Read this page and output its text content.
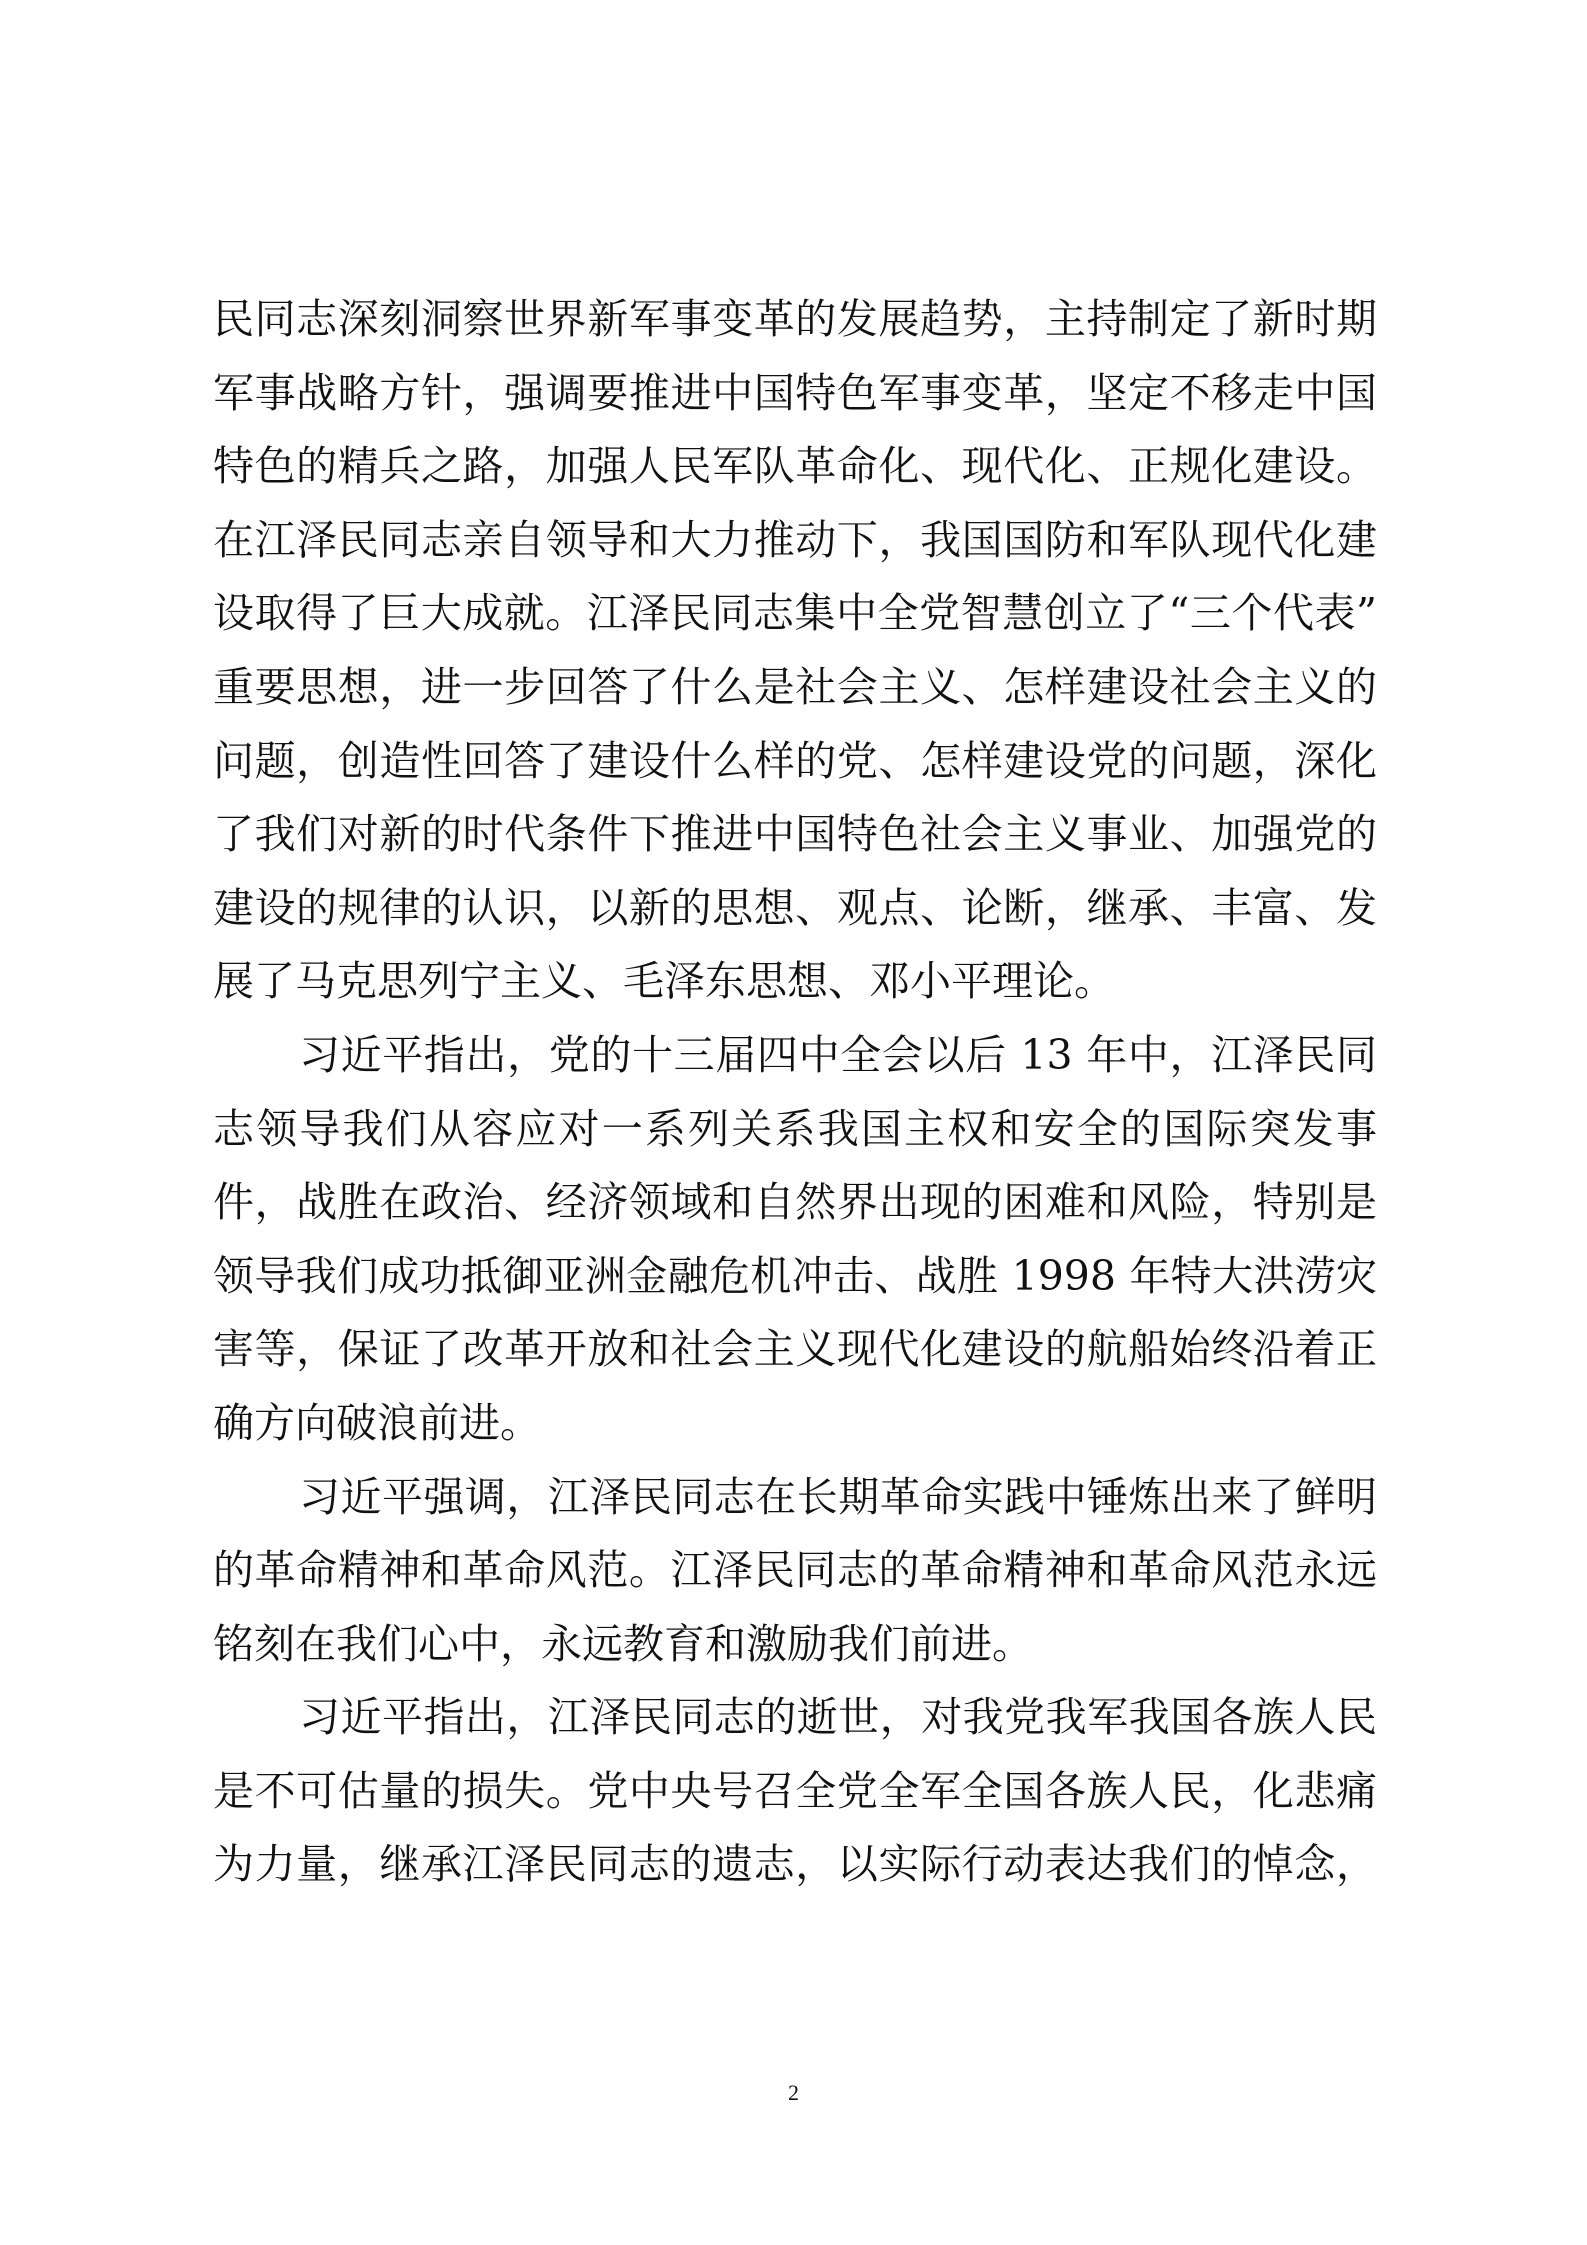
民同志深刻洞察世界新军事变革的发展趋势，主持制定了新时期
军事战略方针，强调要推进中国特色军事变革，坚定不移走中国
特色的精兵之路，加强人民军队革命化、现代化、正规化建设。
在江泽民同志亲自领导和大力推动下，我国国防和军队现代化建
设取得了巨大成就。江泽民同志集中全党智慧创立了“三个代表”
重要思想，进一步回答了什么是社会主义、怎样建设社会主义的
问题，创造性回答了建设什么样的党、怎样建设党的问题，深化
了我们对新的时代条件下推进中国特色社会主义事业、加强党的
建设的规律的认识，以新的思想、观点、论断，继承、丰富、发
展了马克思列宁主义、毛泽东思想、邓小平理论。
习近平指出，党的十三届四中全会以后 13 年中，江泽民同
志领导我们从容应对一系列关系我国主权和安全的国际突发事
件，战胜在政治、经济领域和自然界出现的困难和风险，特别是
领导我们成功抵御亚洲金融危机冲击、战胜 1998 年特大洪涝灾
害等，保证了改革开放和社会主义现代化建设的航船始终沿着正
确方向破浪前进。
习近平强调，江泽民同志在长期革命实践中锤炼出来了鲜明
的革命精神和革命风范。江泽民同志的革命精神和革命风范永远
铭刻在我们心中，永远教育和激励我们前进。
习近平指出，江泽民同志的逝世，对我党我军我国各族人民
是不可估量的损失。党中央号召全党全军全国各族人民，化悲痛
为力量，继承江泽民同志的遗志，以实际行动表达我们的悼念，
2
